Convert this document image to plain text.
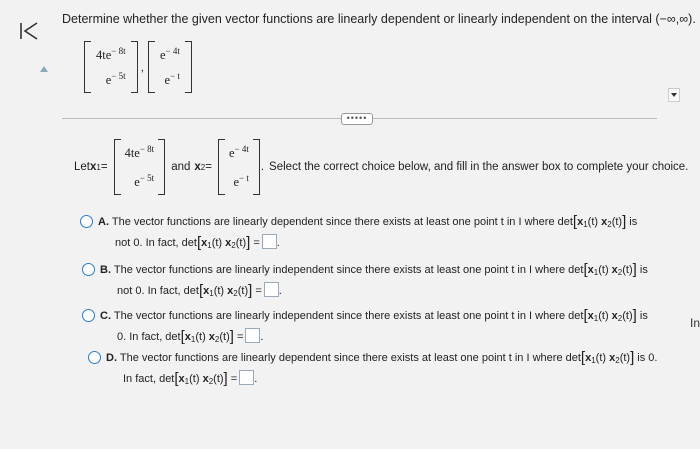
Determine whether the given vector functions are linearly dependent or linearly independent on the interval (−∞,∞).
$4te^{- 8t}$
$e^{- 5t}$
,
$e^{- 4t}$
$e^{- t}$
•••••
Let x 1 =
$4te^{- 8t}$
$e^{- 5t}$
and x 2 =
$e^{- 4t}$
$e^{- t}$
. Select the correct choice below, and fill in the answer box to complete your choice.
A. The vector functions are linearly dependent since there exists at least one point t in I where $\det[x_1(t)$ $x_2(t)$] is
not 0. In fact, $\det[x_1(t) x_2(t)]$ = .
B. The vector functions are linearly independent since there exists at least one point t in I where $\det[x_1(t)$ $x_2(t)$] is
not 0. In fact, $\det[x_1(t) x_2(t)]$ = .
C. The vector functions are linearly independent since there exists at least one point t in I where $\det[x_1(t)$ $x_2(t)$] is
0. In fact, $\det[x_1(t) x_2(t)]$ = .
D. The vector functions are linearly dependent since there exists at least one point t in I where $\det[x_1(t)$ $x_2(t)$] is 0.
In fact, $\det[x_1(t) x_2(t)]$ = .
In
